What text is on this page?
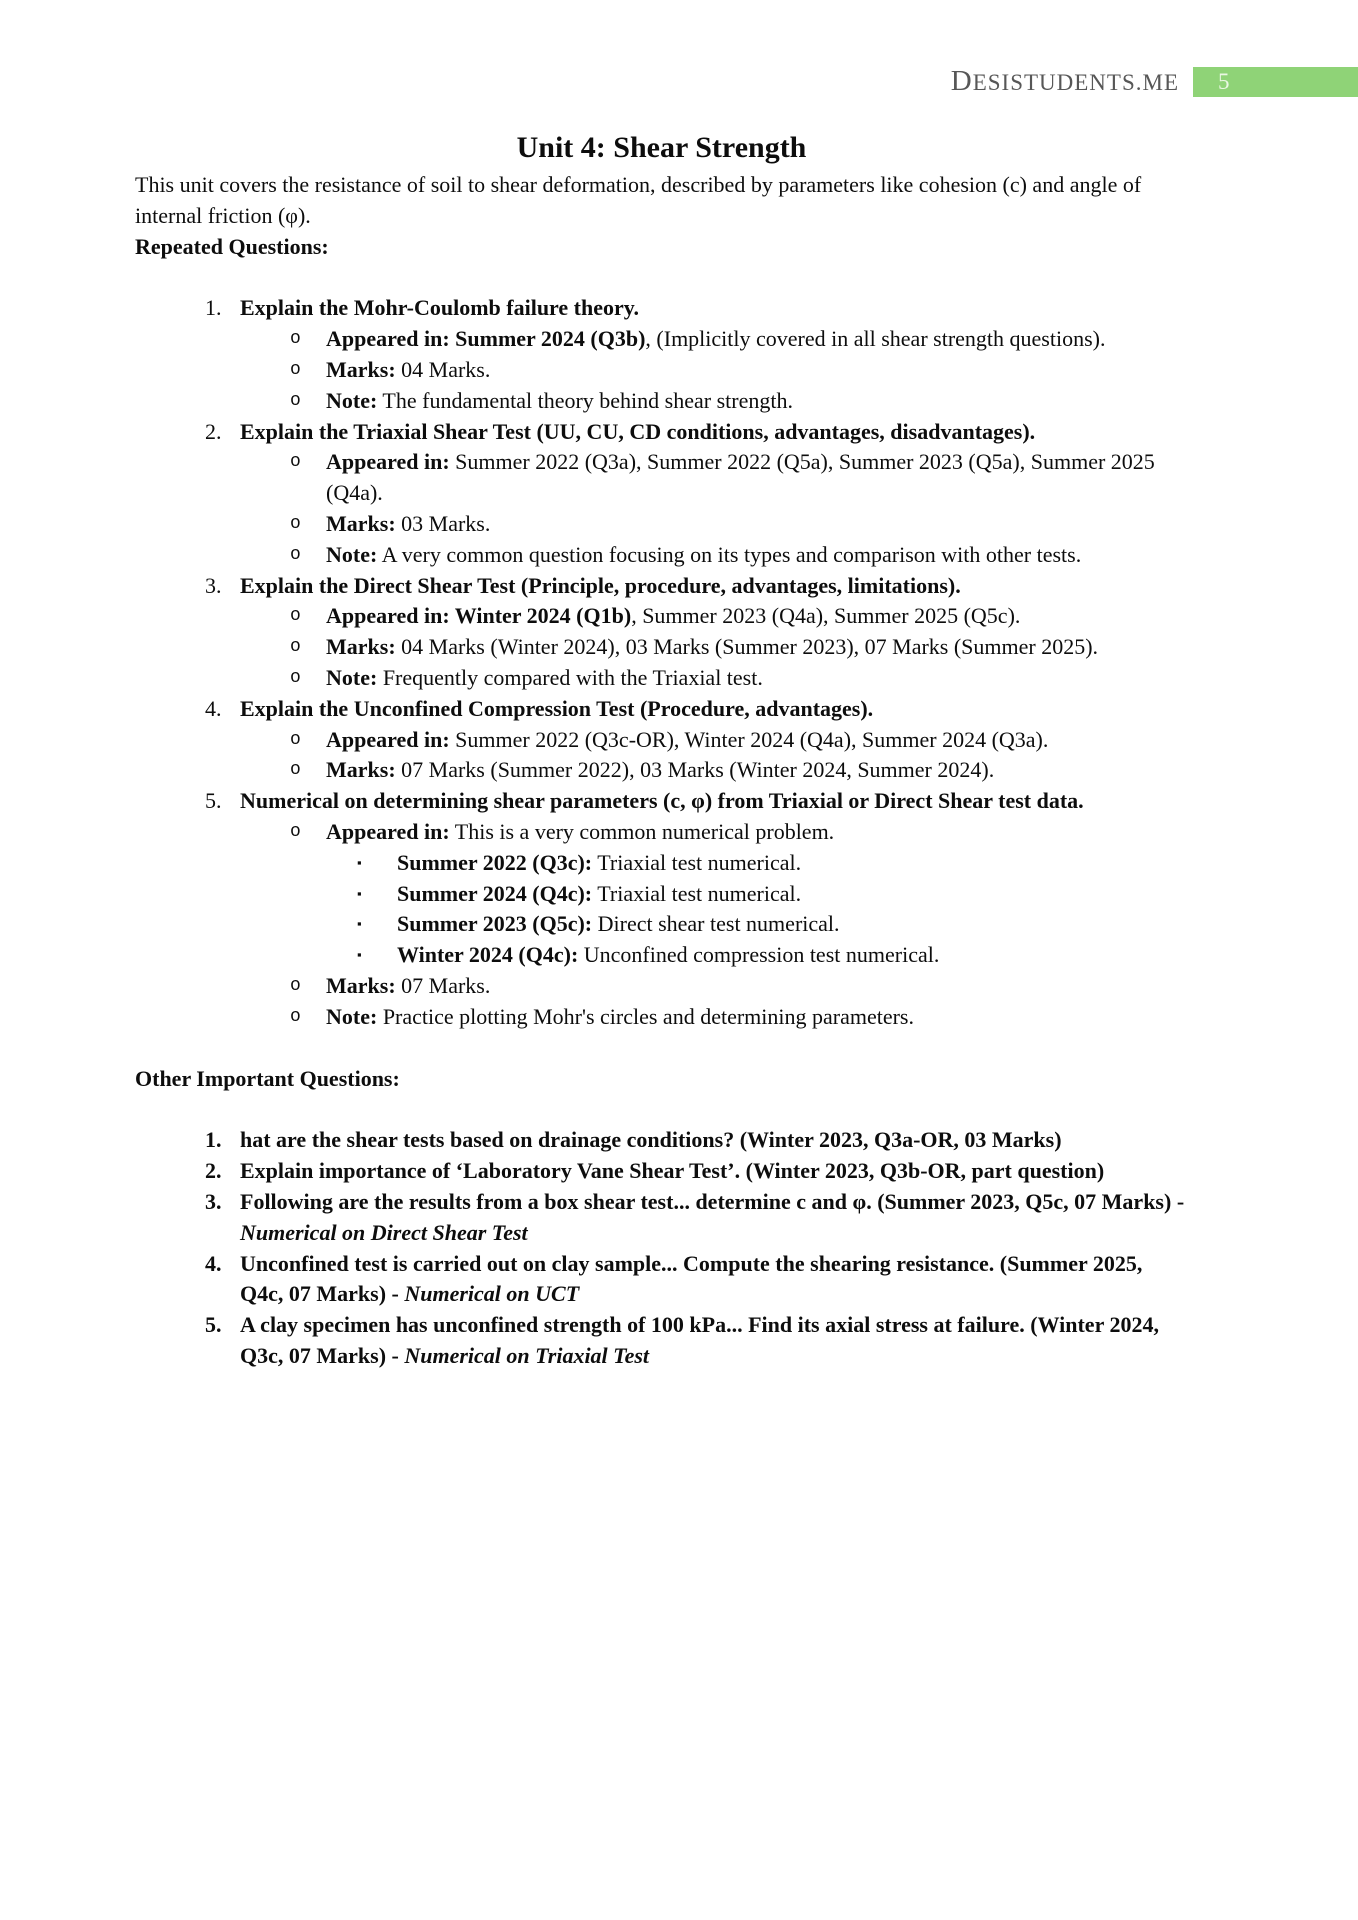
DESISTUDENTS.ME	5
Unit 4: Shear Strength

This unit covers the resistance of soil to shear deformation, described by parameters like cohesion (c) and angle of internal friction (φ).

Repeated Questions:

1. Explain the Mohr-Coulomb failure theory.
o	Appeared in: Summer 2024 (Q3b), (Implicitly covered in all shear strength questions).
o	Marks: 04 Marks.
o	Note: The fundamental theory behind shear strength.
2. Explain the Triaxial Shear Test (UU, CU, CD conditions, advantages, disadvantages).
o	Appeared in: Summer 2022 (Q3a), Summer 2022 (Q5a), Summer 2023 (Q5a), Summer 2025 (Q4a).
o	Marks: 03 Marks.
o	Note: A very common question focusing on its types and comparison with other tests.
3. Explain the Direct Shear Test (Principle, procedure, advantages, limitations).
o	Appeared in: Winter 2024 (Q1b), Summer 2023 (Q4a), Summer 2025 (Q5c).
o	Marks: 04 Marks (Winter 2024), 03 Marks (Summer 2023), 07 Marks (Summer 2025).
o	Note: Frequently compared with the Triaxial test.
4. Explain the Unconfined Compression Test (Procedure, advantages).
o	Appeared in: Summer 2022 (Q3c-OR), Winter 2024 (Q4a), Summer 2024 (Q3a).
o	Marks: 07 Marks (Summer 2022), 03 Marks (Winter 2024, Summer 2024).
5. Numerical on determining shear parameters (c, φ) from Triaxial or Direct Shear test data.
o	Appeared in: This is a very common numerical problem.
▪	Summer 2022 (Q3c): Triaxial test numerical.
▪	Summer 2024 (Q4c): Triaxial test numerical.
▪	Summer 2023 (Q5c): Direct shear test numerical.
▪	Winter 2024 (Q4c): Unconfined compression test numerical.
o	Marks: 07 Marks.
o	Note: Practice plotting Mohr's circles and determining parameters.

Other Important Questions:

1. hat are the shear tests based on drainage conditions? (Winter 2023, Q3a-OR, 03 Marks)
2. Explain importance of ‘Laboratory Vane Shear Test’. (Winter 2023, Q3b-OR, part question)
3. Following are the results from a box shear test... determine c and φ. (Summer 2023, Q5c, 07 Marks) - Numerical on Direct Shear Test
4. Unconfined test is carried out on clay sample... Compute the shearing resistance. (Summer 2025, Q4c, 07 Marks) - Numerical on UCT
5. A clay specimen has unconfined strength of 100 kPa... Find its axial stress at failure. (Winter 2024, Q3c, 07 Marks) - Numerical on Triaxial Test
